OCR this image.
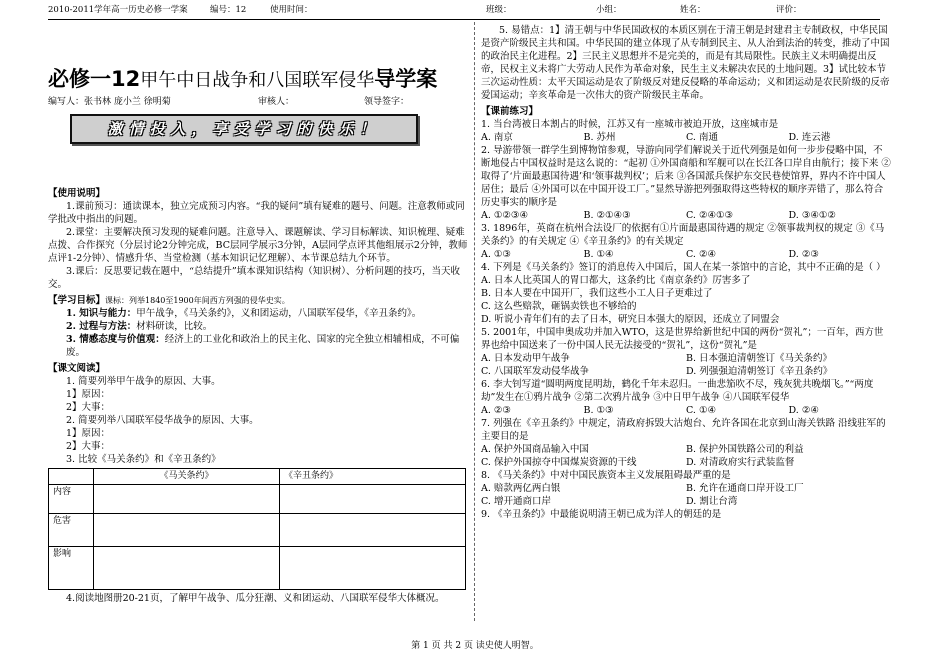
2010-2011学年高一历史必修一学案	编号：12	使用时间：	班级：	小组：	姓名：	评价：
必修一12甲午中日战争和八国联军侵华导学案
编写人：张书林 庞小兰 徐明菊	审核人：	领导签字：
激情投入，享受学习的快乐！
【使用说明】

1.课前预习：通读课本，独立完成预习内容。“我的疑问”填有疑难的题号、问题。注意教师或同学批改中指出的问题。

2.课堂：主要解决预习发现的疑难问题。注意导入、课题解读、学习目标解读、知识梳理、疑难点拨、合作探究（分层讨论2分钟完成，BC层同学展示3分钟，A层同学点评其他组展示2分钟，教师点评1-2分钟）、情感升华、当堂检测（基本知识记忆理解）、本节课总结九个环节。

3.课后：反思要记载在题中，“总结提升”填本课知识结构（知识树）、分析问题的技巧，当天收交。

【学习目标】课标：列举1840至1900年间西方列强的侵华史实。

1. 知识与能力：甲午战争，《马关条约》，义和团运动，八国联军侵华，《辛丑条约》。

2. 过程与方法：材料研读，比较。

3. 情感态度与价值观：经济上的工业化和政治上的民主化、国家的完全独立相辅相成，不可偏废。

【课文阅读】

1. 简要列举甲午战争的原因、大事。

1】原因：

2】大事：

2. 简要列举八国联军侵华战争的原因、大事。

1】原因：

2】大事：

3. 比较《马关条约》和《辛丑条约》

	《马关条约》	《辛丑条约》
内容		
危害		
影响		

4.阅读地图册20-21页，了解甲午战争、瓜分狂潮、义和团运动、八国联军侵华大体概况。

5. 易错点：1】清王朝与中华民国政权的本质区别在于清王朝是封建君主专制政权，中华民国是资产阶级民主共和国。中华民国的建立体现了从专制到民主、从人治到法治的转变，推动了中国的政治民主化进程。2】三民主义思想并不是完美的，而是有其局限性。民族主义未明确提出反帝，民权主义未将广大劳动人民作为革命对象，民生主义未解决农民的土地问题。3】试比较本节三次运动性质：太平天国运动是农了阶级反对建反侵略的革命运动；义和团运动是农民阶级的反帝爱国运动；辛亥革命是一次伟大的资产阶级民主革命。

【课前练习】

1. 当台湾被日本割占的时候，江苏又有一座城市被迫开放，这座城市是

A. 南京	B. 苏州	C. 南通	D. 连云港

2. 导游带领一群学生到博物馆参观，导游向同学们解说关于近代列强是如何一步步侵略中国，不断地侵占中国权益时是这么说的：“起初 ①外国商船和军舰可以在长江各口岸自由航行；接下来 ②取得了‘片面最惠国待遇’和‘领事裁判权’；后来 ③各国派兵保护东交民巷使馆界，界内不许中国人居住；最后 ④外国可以在中国开设工厂。”显然导游把列强取得这些特权的顺序弄错了，那么符合历史事实的顺序是

A. ①②③④	B. ②①④③	C. ②④①③	D. ③④①②

3. 1896年，英商在杭州合法设厂的依据有①片面最惠国待遇的规定 ②领事裁判权的规定 ③《马关条约》的有关规定 ④《辛丑条约》的有关规定

A. ①③	B. ①④	C. ②④	D. ②③

4. 下列是《马关条约》签订的消息传入中国后，国人在某一茶馆中的言论，其中不正确的是（ ）

A. 日本人比英国人的胃口都大，这条约比《南京条约》厉害多了

B. 日本人要在中国开厂，我们这些小工人日子更难过了

C. 这么些赔款，砸锅卖铁也不够给的

D. 听说小青年们有的去了日本，研究日本强大的原因，还成立了同盟会

5. 2001年，中国申奥成功并加入WTO，这是世界给新世纪中国的两份“贺礼”；一百年，西方世界也给中国送来了一份中国人民无法接受的“贺礼”，这份“贺礼”是

A. 日本发动甲午战争	B. 日本强迫清朝签订《马关条约》
C. 八国联军发动侵华战争	D. 列强强迫清朝签订《辛丑条约》

6. 李大钊写道“圆明两度昆明劫，鹤化千年未忍归。一曲悲笳吹不尽，残灰犹共晚烟飞。”“两度劫”发生在①鸦片战争 ②第二次鸦片战争 ③中日甲午战争 ④八国联军侵华

A. ②③	B. ①③	C. ①④	D. ②④

7. 列强在《辛丑条约》中规定，清政府拆毁大沽炮台、允许各国在北京到山海关铁路 沿线驻军的主要目的是

A. 保护外国商品输入中国	B. 保护外国铁路公司的利益
C. 保护外国掠夺中国煤炭资源的干线	D. 对清政府实行武装监督

8. 《马关条约》中对中国民族资本主义发展阻碍最严重的是

A. 赔款两亿两白银	B. 允许在通商口岸开设工厂
C. 增开通商口岸	D. 割让台湾

9. 《辛丑条约》中最能说明清王朝已成为洋人的朝廷的是

第 1 页 共 2 页 读史使人明智。
